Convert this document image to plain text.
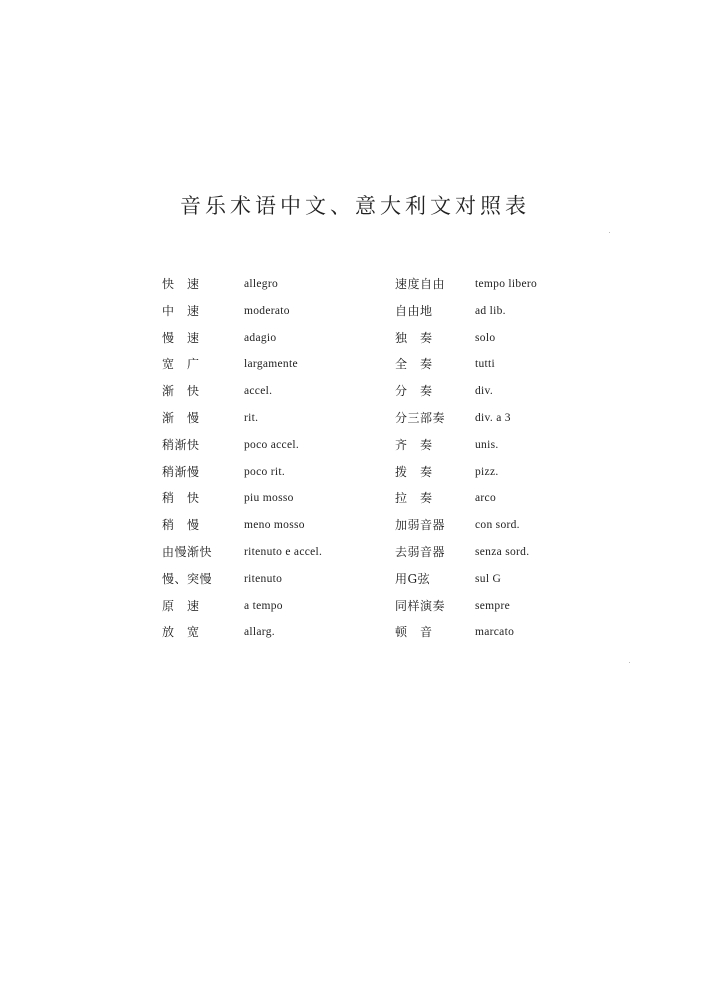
音乐术语中文、意大利文对照表
快　速	allegro	速度自由	tempo libero
中　速	moderato	自由地	ad lib.
慢　速	adagio	独　奏	solo
宽　广	largamente	全　奏	tutti
渐　快	accel.	分　奏	div.
渐　慢	rit.	分三部奏	div. a 3
稍渐快	poco accel.	齐　奏	unis.
稍渐慢	poco rit.	拨　奏	pizz.
稍　快	piu mosso	拉　奏	arco
稍　慢	meno mosso	加弱音器	con sord.
由慢渐快	ritenuto e accel.	去弱音器	senza sord.
慢、突慢	ritenuto	用G弦	sul G
原　速	a tempo	同样演奏	sempre
放　宽	allarg.	顿　音	marcato
